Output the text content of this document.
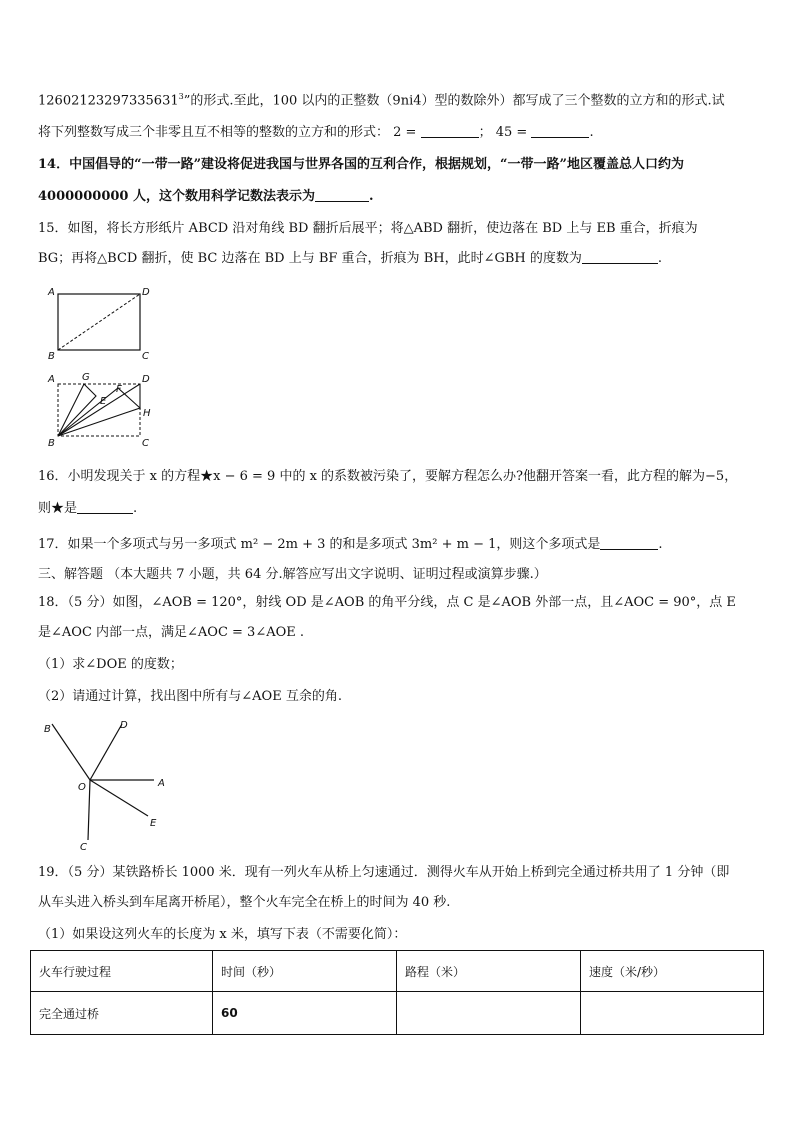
12602123297335631$^3$”的形式.至此，100 以内的正整数（9ni4）型的数除外）都写成了三个整数的立方和的形式.试
将下列整数写成三个非零且互不相等的整数的立方和的形式： 2 =	； 45 =	.
14．中国倡导的“一带一路”建设将促进我国与世界各国的互利合作，根据规划，“一带一路”地区覆盖总人口约为
4000000000 人，这个数用科学记数法表示为	.
15．如图，将长方形纸片 ABCD 沿对角线 BD 翻折后展平；将△ABD 翻折，使边落在 BD 上与 EB 重合，折痕为
BG；再将△BCD 翻折，使 BC 边落在 BD 上与 BF 重合，折痕为 BH，此时∠GBH 的度数为	.
A	D
B	C
A	G
F
D
E
H
B	C
16．小明发现关于 x 的方程★x − 6 = 9 中的 x 的系数被污染了，要解方程怎么办?他翻开答案一看，此方程的解为−5，
则★是	.
17．如果一个多项式与另一多项式 m² − 2m + 3 的和是多项式 3m² + m − 1，则这个多项式是	.
三、解答题 （本大题共 7 小题，共 64 分.解答应写出文字说明、证明过程或演算步骤.）
18．（5 分）如图，∠AOB = 120°，射线 OD 是∠AOB 的角平分线，点 C 是∠AOB 外部一点，且∠AOC = 90°，点 E
是∠AOC 内部一点，满足∠AOC = 3∠AOE .
（1）求∠DOE 的度数；
（2）请通过计算，找出图中所有与∠AOE 互余的角.
B	D
O	A
E
C
19．（5 分）某铁路桥长 1000 米．现有一列火车从桥上匀速通过．测得火车从开始上桥到完全通过桥共用了 1 分钟（即
从车头进入桥头到车尾离开桥尾），整个火车完全在桥上的时间为 40 秒.
（1）如果设这列火车的长度为 x 米，填写下表（不需要化简）：
火车行驶过程	时间（秒）	路程（米）	速度（米/秒）
完全通过桥	60		
